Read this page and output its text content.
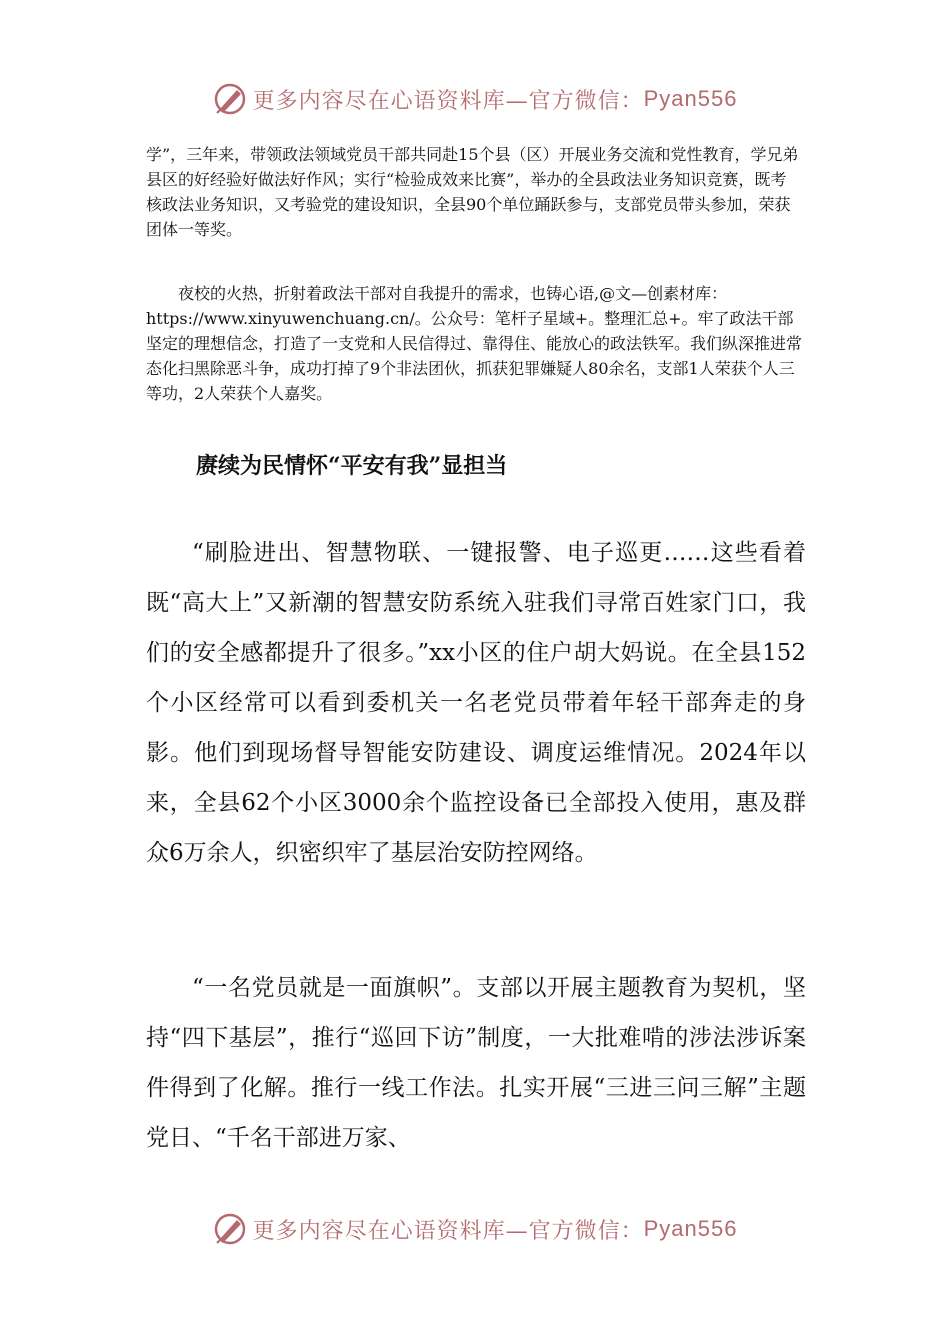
更多内容尽在心语资料库—官方微信： Pyan556

学”，三年来，带领政法领域党员干部共同赴15个县（区）开展业务交流和党性教育，学兄弟县区的好经验好做法好作风；实行“检验成效来比赛”，举办的全县政法业务知识竞赛，既考核政法业务知识，又考验党的建设知识，全县90个单位踊跃参与，支部党员带头参加，荣获团体一等奖。

夜校的火热，折射着政法干部对自我提升的需求，也铸心语,@文—创素材库：https://www.xinyuwenchuang.cn/。公众号：笔杆子星域+。整理汇总+。牢了政法干部坚定的理想信念，打造了一支党和人民信得过、靠得住、能放心的政法铁军。我们纵深推进常态化扫黑除恶斗争，成功打掉了9个非法团伙，抓获犯罪嫌疑人80余名，支部1人荣获个人三等功，2人荣获个人嘉奖。

赓续为民情怀“平安有我”显担当

“刷脸进出、智慧物联、一键报警、电子巡更……这些看着既“高大上”又新潮的智慧安防系统入驻我们寻常百姓家门口，我们的安全感都提升了很多。”xx小区的住户胡大妈说。在全县152个小区经常可以看到委机关一名老党员带着年轻干部奔走的身影。他们到现场督导智能安防建设、调度运维情况。2024年以来，全县62个小区3000余个监控设备已全部投入使用，惠及群众6万余人，织密织牢了基层治安防控网络。

“一名党员就是一面旗帜”。支部以开展主题教育为契机，坚持“四下基层”，推行“巡回下访”制度，一大批难啃的涉法涉诉案件得到了化解。推行一线工作法。扎实开展“三进三问三解”主题党日、“千名干部进万家、

更多内容尽在心语资料库—官方微信： Pyan556
